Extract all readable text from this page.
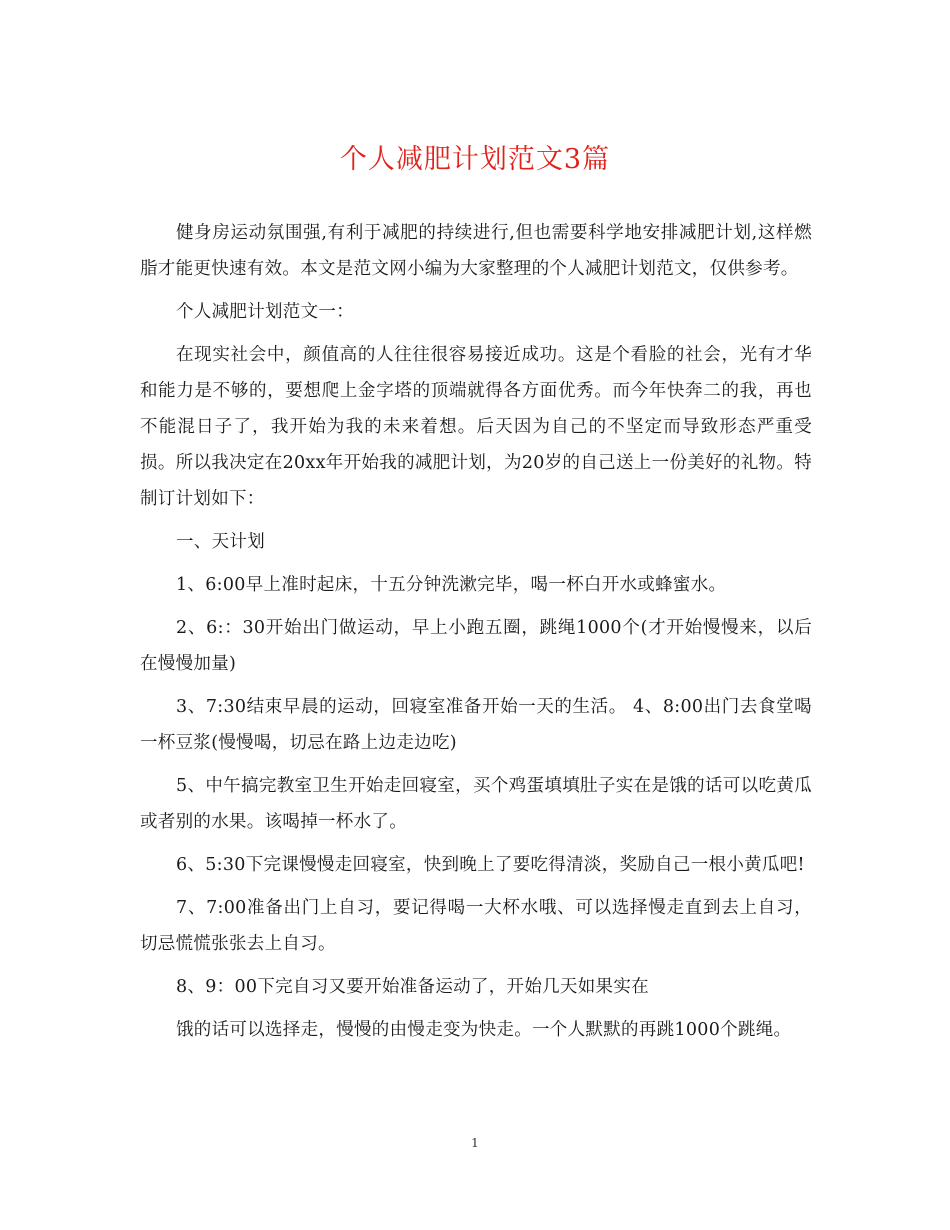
个人减肥计划范文3篇

健身房运动氛围强,有利于减肥的持续进行,但也需要科学地安排减肥计划,这样燃脂才能更快速有效。本文是范文网小编为大家整理的个人减肥计划范文，仅供参考。

个人减肥计划范文一：

在现实社会中，颜值高的人往往很容易接近成功。这是个看脸的社会，光有才华和能力是不够的，要想爬上金字塔的顶端就得各方面优秀。而今年快奔二的我，再也不能混日子了，我开始为我的未来着想。后天因为自己的不坚定而导致形态严重受损。所以我决定在20xx年开始我的减肥计划，为20岁的自己送上一份美好的礼物。特制订计划如下：

一、天计划

1、6:00早上准时起床，十五分钟洗漱完毕，喝一杯白开水或蜂蜜水。

2、6:：30开始出门做运动，早上小跑五圈，跳绳1000个(才开始慢慢来，以后在慢慢加量)

3、7:30结束早晨的运动，回寝室准备开始一天的生活。 4、8:00出门去食堂喝一杯豆浆(慢慢喝，切忌在路上边走边吃)

5、中午搞完教室卫生开始走回寝室，买个鸡蛋填填肚子实在是饿的话可以吃黄瓜或者别的水果。该喝掉一杯水了。

6、5:30下完课慢慢走回寝室，快到晚上了要吃得清淡，奖励自己一根小黄瓜吧!

7、7:00准备出门上自习，要记得喝一大杯水哦、可以选择慢走直到去上自习，切忌慌慌张张去上自习。

8、9：00下完自习又要开始准备运动了，开始几天如果实在

饿的话可以选择走，慢慢的由慢走变为快走。一个人默默的再跳1000个跳绳。

1
